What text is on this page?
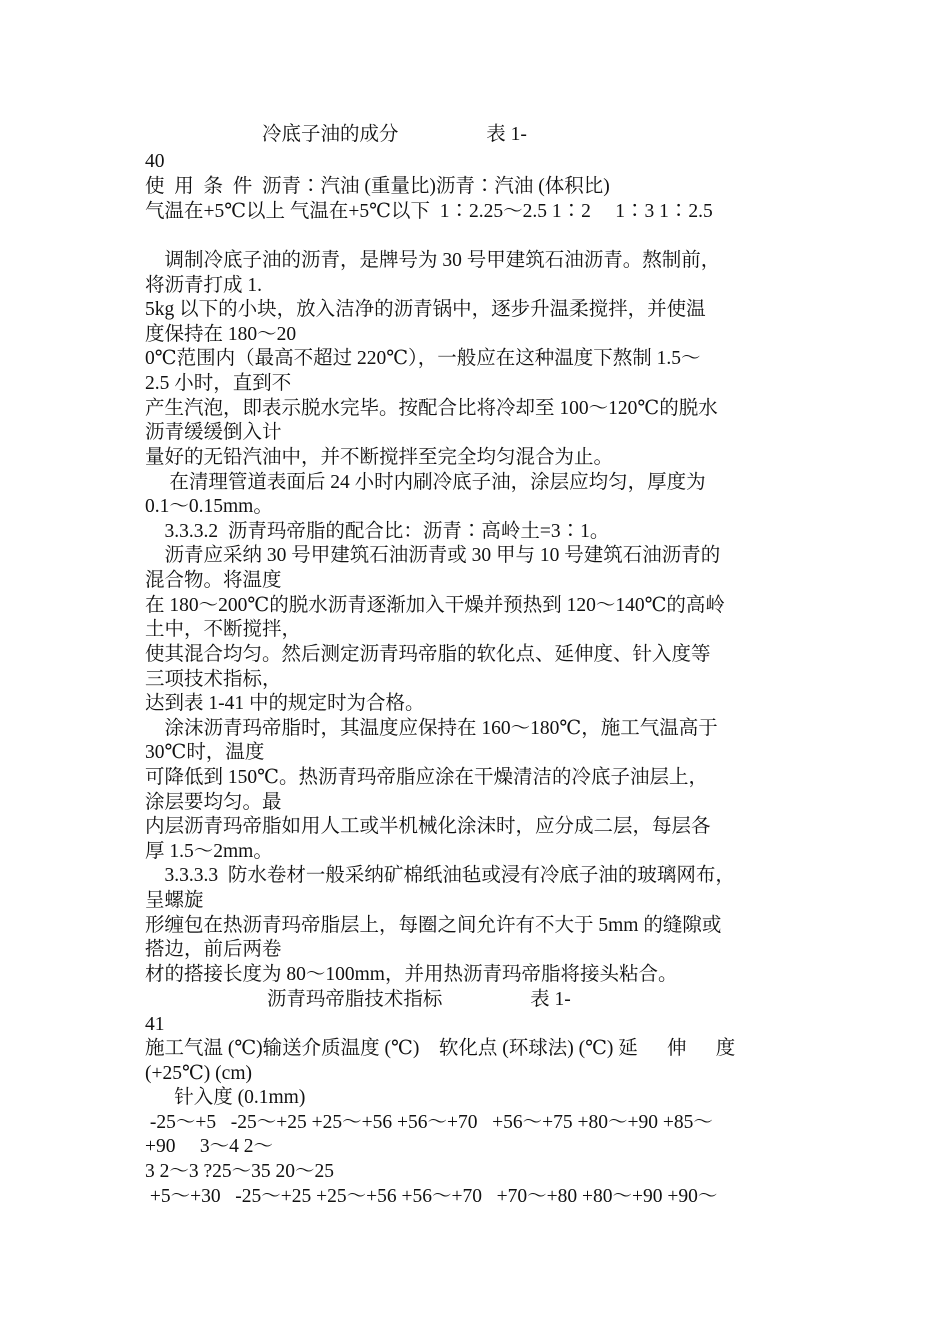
冷底子油的成分                  表 1-
40
使  用  条  件  沥青∶汽油 (重量比)沥青∶汽油 (体积比)
气温在+5℃以上 气温在+5℃以下  1∶2.25～2.5 1∶2     1∶3 1∶2.5
调制冷底子油的沥青，是牌号为 30 号甲建筑石油沥青。熬制前，
将沥青打成 1.
5kg 以下的小块，放入洁净的沥青锅中，逐步升温柔搅拌，并使温
度保持在 180～20
0℃范围内（最高不超过 220℃），一般应在这种温度下熬制 1.5～
2.5 小时，直到不
产生汽泡，即表示脱水完毕。按配合比将冷却至 100～120℃的脱水
沥青缓缓倒入计
量好的无铅汽油中，并不断搅拌至完全均匀混合为止。
在清理管道表面后 24 小时内刷冷底子油，涂层应均匀，厚度为
0.1～0.15mm。
3.3.3.2  沥青玛帝脂的配合比：沥青∶高岭土=3∶1。
沥青应采纳 30 号甲建筑石油沥青或 30 甲与 10 号建筑石油沥青的
混合物。将温度
在 180～200℃的脱水沥青逐渐加入干燥并预热到 120～140℃的高岭
土中，不断搅拌，
使其混合均匀。然后测定沥青玛帝脂的软化点、延伸度、针入度等
三项技术指标，
达到表 1-41 中的规定时为合格。
涂沫沥青玛帝脂时，其温度应保持在 160～180℃，施工气温高于
30℃时，温度
可降低到 150℃。热沥青玛帝脂应涂在干燥清洁的冷底子油层上，
涂层要均匀。最
内层沥青玛帝脂如用人工或半机械化涂沫时，应分成二层，每层各
厚 1.5～2mm。
3.3.3.3  防水卷材一般采纳矿棉纸油毡或浸有冷底子油的玻璃网布，
呈螺旋
形缠包在热沥青玛帝脂层上，每圈之间允许有不大于 5mm 的缝隙或
搭边，前后两卷
材的搭接长度为 80～100mm，并用热沥青玛帝脂将接头粘合。
沥青玛帝脂技术指标                  表 1-
41
施工气温 (℃)输送介质温度 (℃)    软化点 (环球法) (℃) 延      伸      度
(+25℃) (cm)
针入度 (0.1mm)
-25～+5   -25～+25 +25～+56 +56～+70   +56～+75 +80～+90 +85～
+90     3～4 2～
3 2～3 ?25～35 20～25
+5～+30   -25～+25 +25～+56 +56～+70   +70～+80 +80～+90 +90～
